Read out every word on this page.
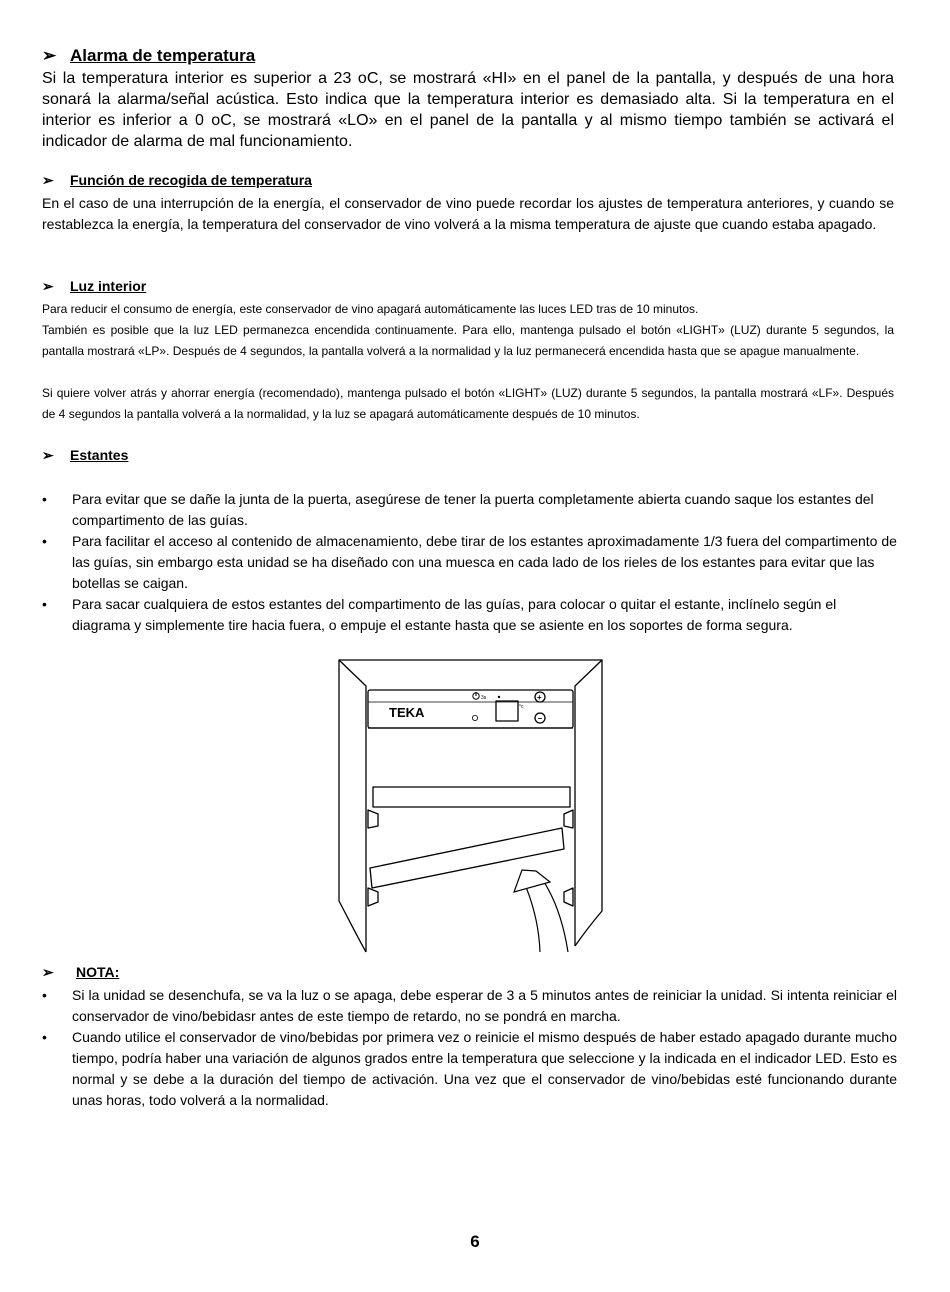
➢ Alarma de temperatura
Si la temperatura interior es superior a 23 oC, se mostrará «HI» en el panel de la pantalla, y después de una hora sonará la alarma/señal acústica. Esto indica que la temperatura interior es demasiado alta. Si la temperatura en el interior es inferior a 0 oC, se mostrará «LO» en el panel de la pantalla y al mismo tiempo también se activará el indicador de alarma de mal funcionamiento.
➢ Función de recogida de temperatura
En el caso de una interrupción de la energía, el conservador de vino puede recordar los ajustes de temperatura anteriores, y cuando se restablezca la energía, la temperatura del conservador de vino volverá a la misma temperatura de ajuste que cuando estaba apagado.
➢ Luz interior
Para reducir el consumo de energía, este conservador de vino apagará automáticamente las luces LED tras de 10 minutos.
También es posible que la luz LED permanezca encendida continuamente. Para ello, mantenga pulsado el botón «LIGHT» (LUZ) durante 5 segundos, la pantalla mostrará «LP». Después de 4 segundos, la pantalla volverá a la normalidad y la luz permanecerá encendida hasta que se apague manualmente.
Si quiere volver atrás y ahorrar energía (recomendado), mantenga pulsado el botón «LIGHT» (LUZ) durante 5 segundos, la pantalla mostrará «LF». Después de 4 segundos la pantalla volverá a la normalidad, y la luz se apagará automáticamente después de 10 minutos.
➢ Estantes
• Para evitar que se dañe la junta de la puerta, asegúrese de tener la puerta completamente abierta cuando saque los estantes del compartimento de las guías.
• Para facilitar el acceso al contenido de almacenamiento, debe tirar de los estantes aproximadamente 1/3 fuera del compartimento de las guías, sin embargo esta unidad se ha diseñado con una muesca en cada lado de los rieles de los estantes para evitar que las botellas se caigan.
• Para sacar cualquiera de estos estantes del compartimento de las guías, para colocar o quitar el estante, inclínelo según el diagrama y simplemente tire hacia fuera, o empuje el estante hasta que se asiente en los soportes de forma segura.
TEKA
3s
°c
+
−
➢ NOTA:
• Si la unidad se desenchufa, se va la luz o se apaga, debe esperar de 3 a 5 minutos antes de reiniciar la unidad. Si intenta reiniciar el conservador de vino/bebidasr antes de este tiempo de retardo, no se pondrá en marcha.
• Cuando utilice el conservador de vino/bebidas por primera vez o reinicie el mismo después de haber estado apagado durante mucho tiempo, podría haber una variación de algunos grados entre la temperatura que seleccione y la indicada en el indicador LED. Esto es normal y se debe a la duración del tiempo de activación. Una vez que el conservador de vino/bebidas esté funcionando durante unas horas, todo volverá a la normalidad.
6
